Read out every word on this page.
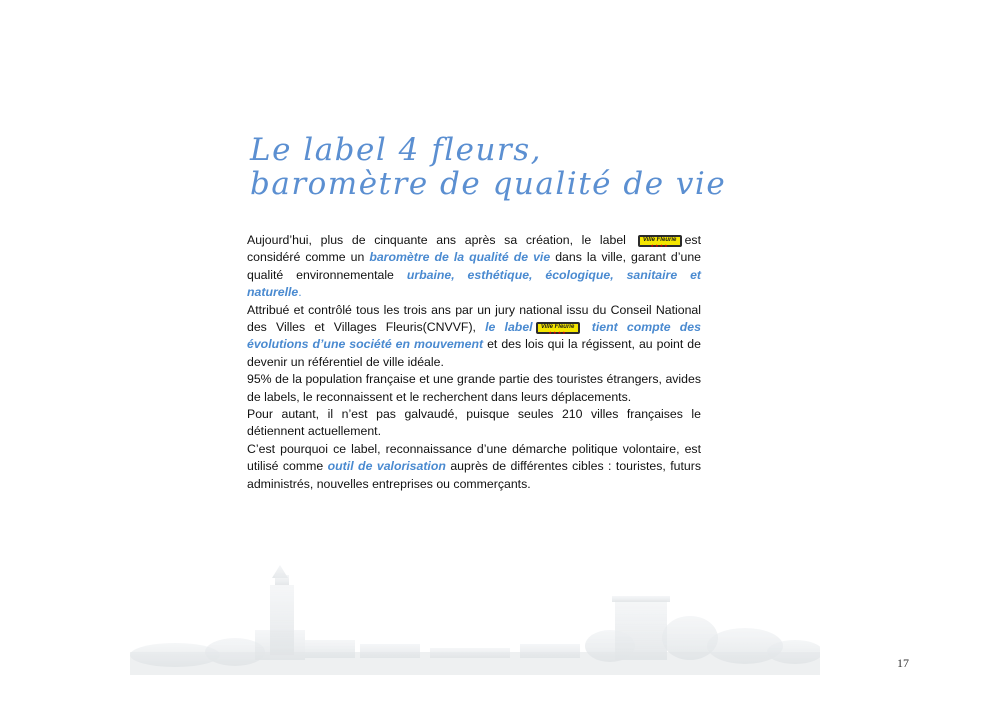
Le label 4 fleurs,
baromètre de qualité de vie

Aujourd’hui, plus de cinquante ans après sa création, le label	Ville Fleurie
★★★★	est considéré comme un baromètre de la qualité de vie dans la ville, garant d’une qualité environnementale urbaine, esthétique, écologique, sanitaire et naturelle.

Attribué et contrôlé tous les trois ans par un jury national issu du Conseil National des Villes et Villages Fleuris(CNVVF), le label	Ville Fleurie
★★★★	tient compte des évolutions d’une société en mouvement et des lois qui la régissent, au point de devenir un référentiel de ville idéale.

95% de la population française et une grande partie des touristes étrangers, avides de labels, le reconnaissent et le recherchent dans leurs déplacements.

Pour autant, il n’est pas galvaudé, puisque seules 210 villes françaises le détiennent actuellement.

C’est pourquoi ce label, reconnaissance d’une démarche politique volontaire, est utilisé comme outil de valorisation auprès de différentes cibles : touristes, futurs administrés, nouvelles entreprises ou commerçants.

17
